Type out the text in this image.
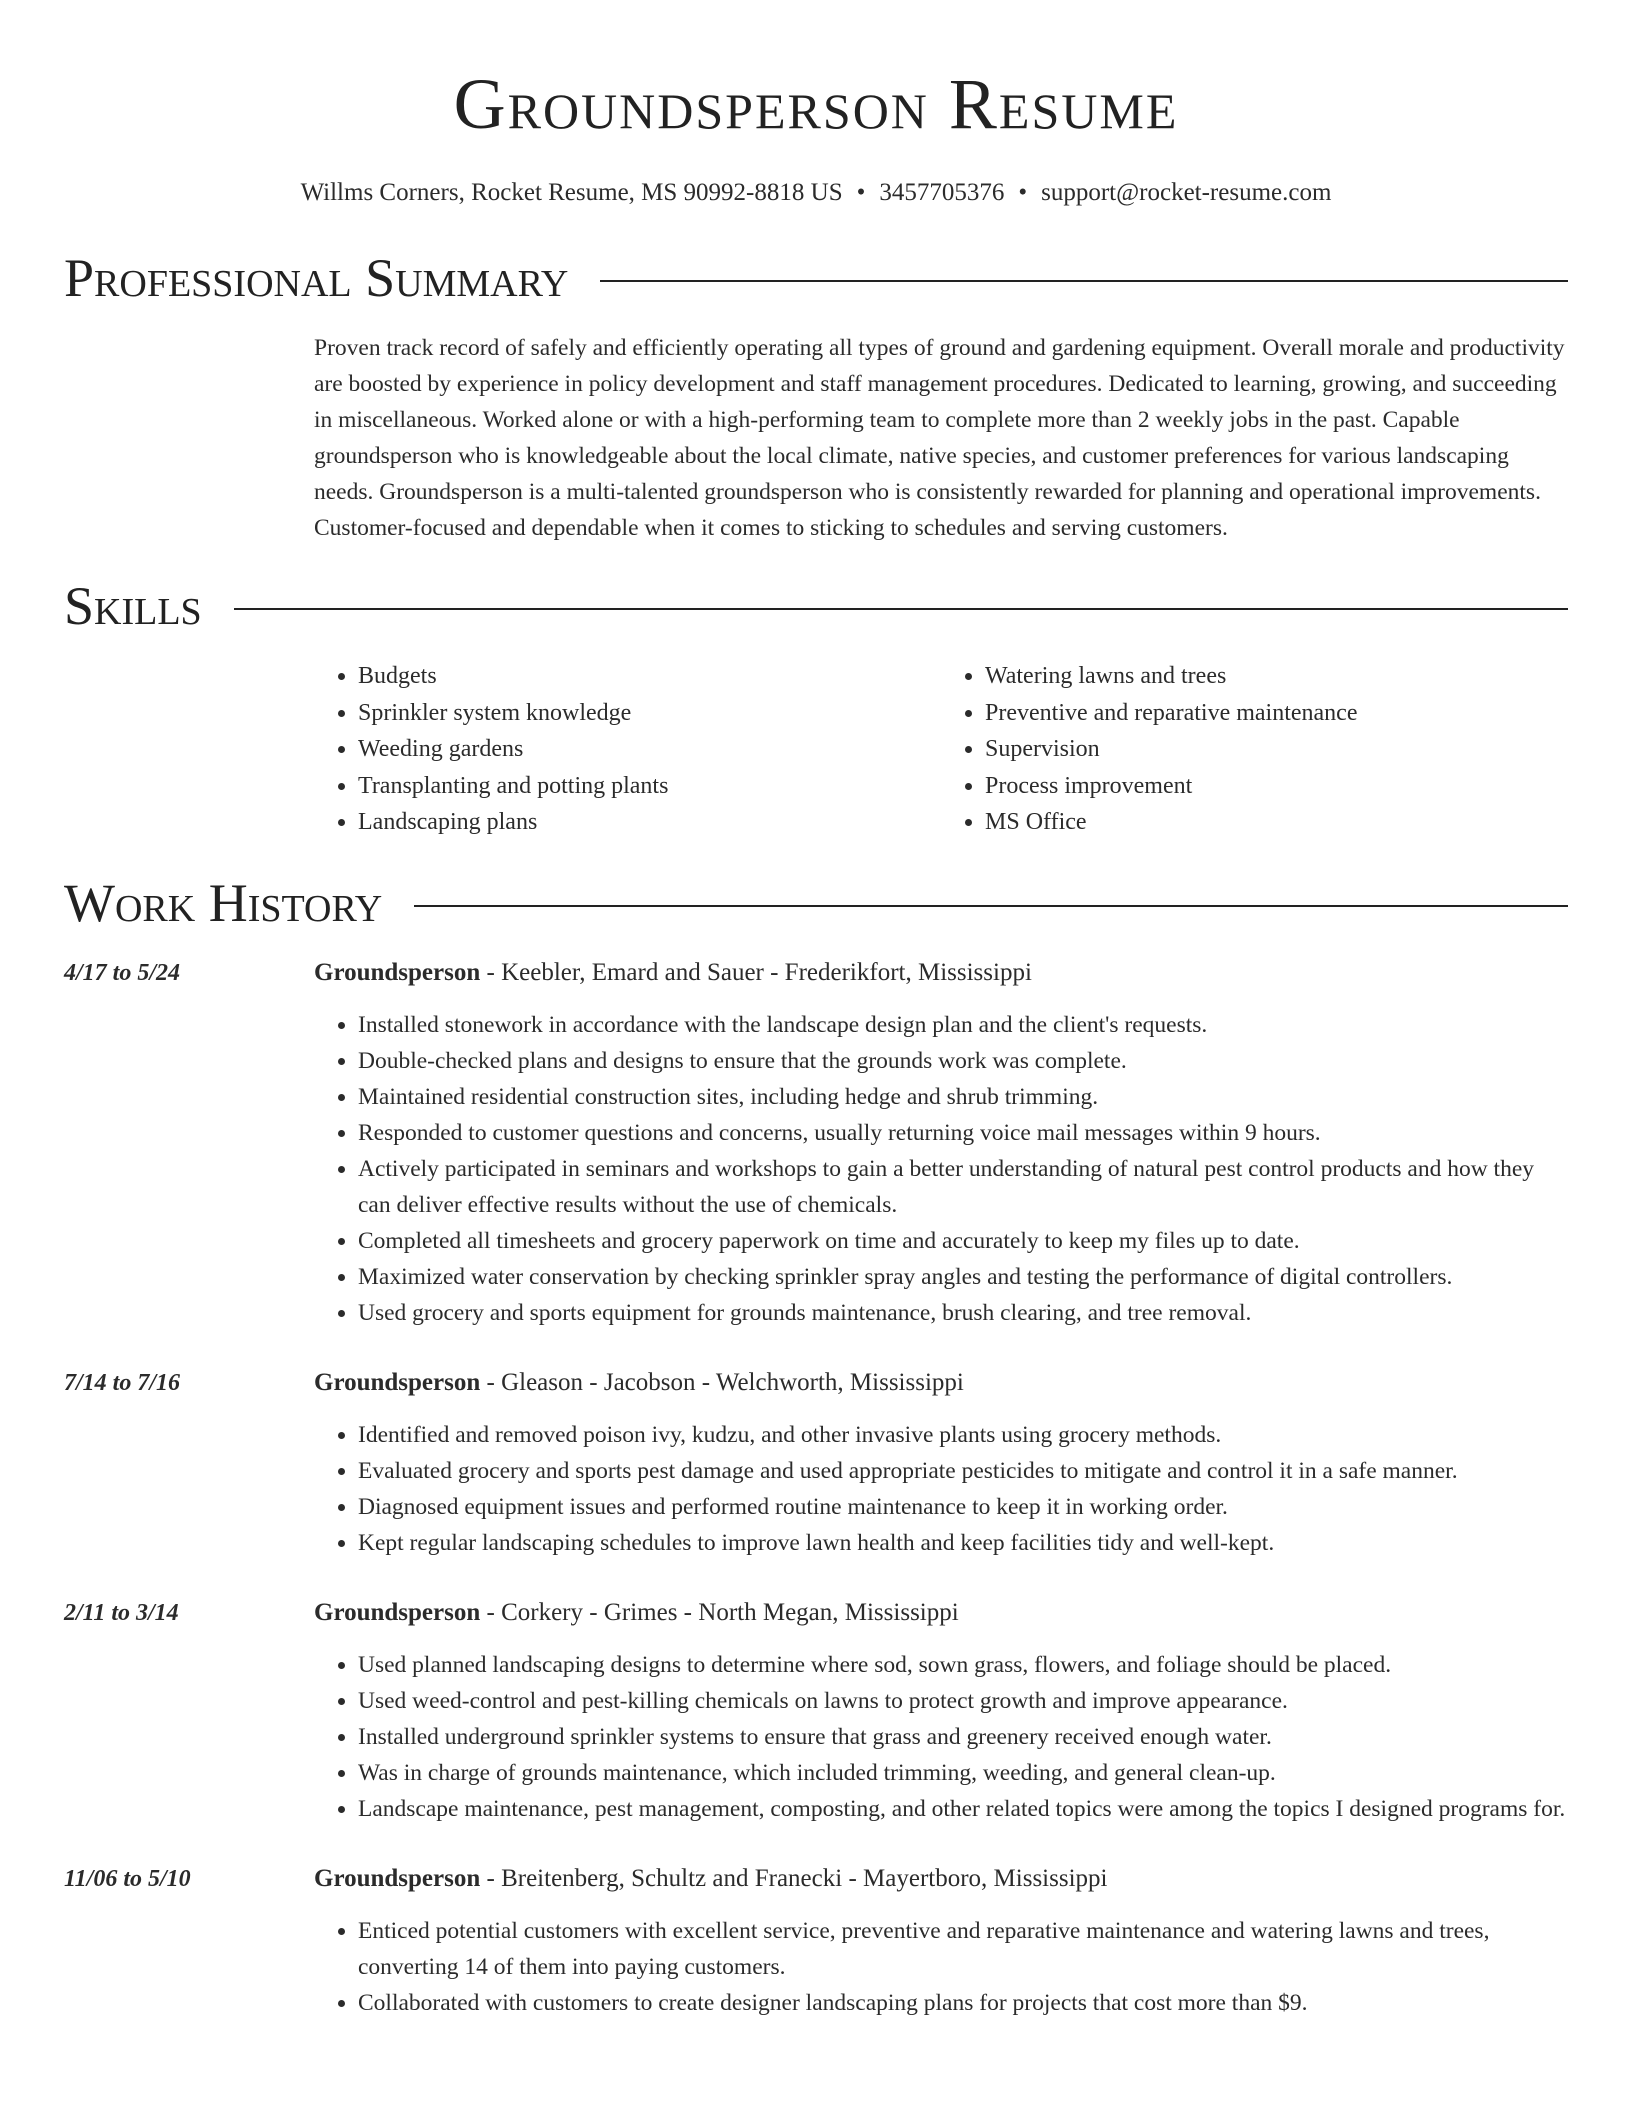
Groundsperson Resume
Willms Corners, Rocket Resume, MS 90992-8818 US • 3457705376 • support@rocket-resume.com
Professional Summary
Proven track record of safely and efficiently operating all types of ground and gardening equipment. Overall morale and productivity are boosted by experience in policy development and staff management procedures. Dedicated to learning, growing, and succeeding in miscellaneous. Worked alone or with a high-performing team to complete more than 2 weekly jobs in the past. Capable groundsperson who is knowledgeable about the local climate, native species, and customer preferences for various landscaping needs. Groundsperson is a multi-talented groundsperson who is consistently rewarded for planning and operational improvements. Customer-focused and dependable when it comes to sticking to schedules and serving customers.
Skills
• Budgets
• Sprinkler system knowledge
• Weeding gardens
• Transplanting and potting plants
• Landscaping plans
• Watering lawns and trees
• Preventive and reparative maintenance
• Supervision
• Process improvement
• MS Office
Work History
4/17 to 5/24	Groundsperson - Keebler, Emard and Sauer - Frederikfort, Mississippi
• Installed stonework in accordance with the landscape design plan and the client's requests.
• Double-checked plans and designs to ensure that the grounds work was complete.
• Maintained residential construction sites, including hedge and shrub trimming.
• Responded to customer questions and concerns, usually returning voice mail messages within 9 hours.
• Actively participated in seminars and workshops to gain a better understanding of natural pest control products and how they can deliver effective results without the use of chemicals.
• Completed all timesheets and grocery paperwork on time and accurately to keep my files up to date.
• Maximized water conservation by checking sprinkler spray angles and testing the performance of digital controllers.
• Used grocery and sports equipment for grounds maintenance, brush clearing, and tree removal.
7/14 to 7/16	Groundsperson - Gleason - Jacobson - Welchworth, Mississippi
• Identified and removed poison ivy, kudzu, and other invasive plants using grocery methods.
• Evaluated grocery and sports pest damage and used appropriate pesticides to mitigate and control it in a safe manner.
• Diagnosed equipment issues and performed routine maintenance to keep it in working order.
• Kept regular landscaping schedules to improve lawn health and keep facilities tidy and well-kept.
2/11 to 3/14	Groundsperson - Corkery - Grimes - North Megan, Mississippi
• Used planned landscaping designs to determine where sod, sown grass, flowers, and foliage should be placed.
• Used weed-control and pest-killing chemicals on lawns to protect growth and improve appearance.
• Installed underground sprinkler systems to ensure that grass and greenery received enough water.
• Was in charge of grounds maintenance, which included trimming, weeding, and general clean-up.
• Landscape maintenance, pest management, composting, and other related topics were among the topics I designed programs for.
11/06 to 5/10	Groundsperson - Breitenberg, Schultz and Franecki - Mayertboro, Mississippi
• Enticed potential customers with excellent service, preventive and reparative maintenance and watering lawns and trees, converting 14 of them into paying customers.
• Collaborated with customers to create designer landscaping plans for projects that cost more than $9.
